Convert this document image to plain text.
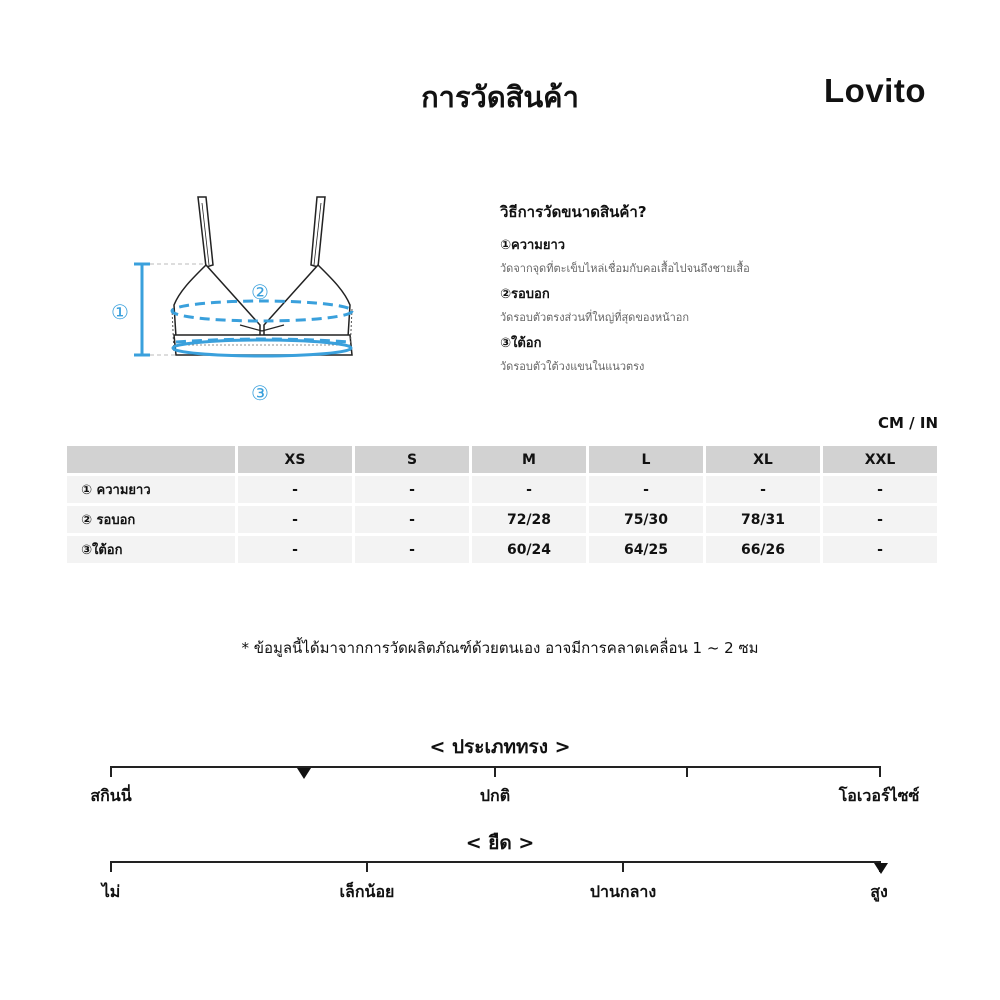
การวัดสินค้า	Lovito
①
②
③
วิธีการวัดขนาดสินค้า?
①ความยาว
วัดจากจุดที่ตะเข็บไหล่เชื่อมกับคอเสื้อไปจนถึงชายเสื้อ
②รอบอก
วัดรอบตัวตรงส่วนที่ใหญ่ที่สุดของหน้าอก
③ใต้อก
วัดรอบตัวใต้วงแขนในแนวตรง
CM / IN
	XS	S	M	L	XL	XXL
① ความยาว	-	-	-	-	-	-
② รอบอก	-	-	72/28	75/30	78/31	-
③ใต้อก	-	-	60/24	64/25	66/26	-
* ข้อมูลนี้ได้มาจากการวัดผลิตภัณฑ์ด้วยตนเอง อาจมีการคลาดเคลื่อน 1 ~ 2 ซม
< ประเภททรง >
สกินนี่	ปกติ	โอเวอร์ไซซ์
< ยืด >
ไม่	เล็กน้อย	ปานกลาง	สูง
